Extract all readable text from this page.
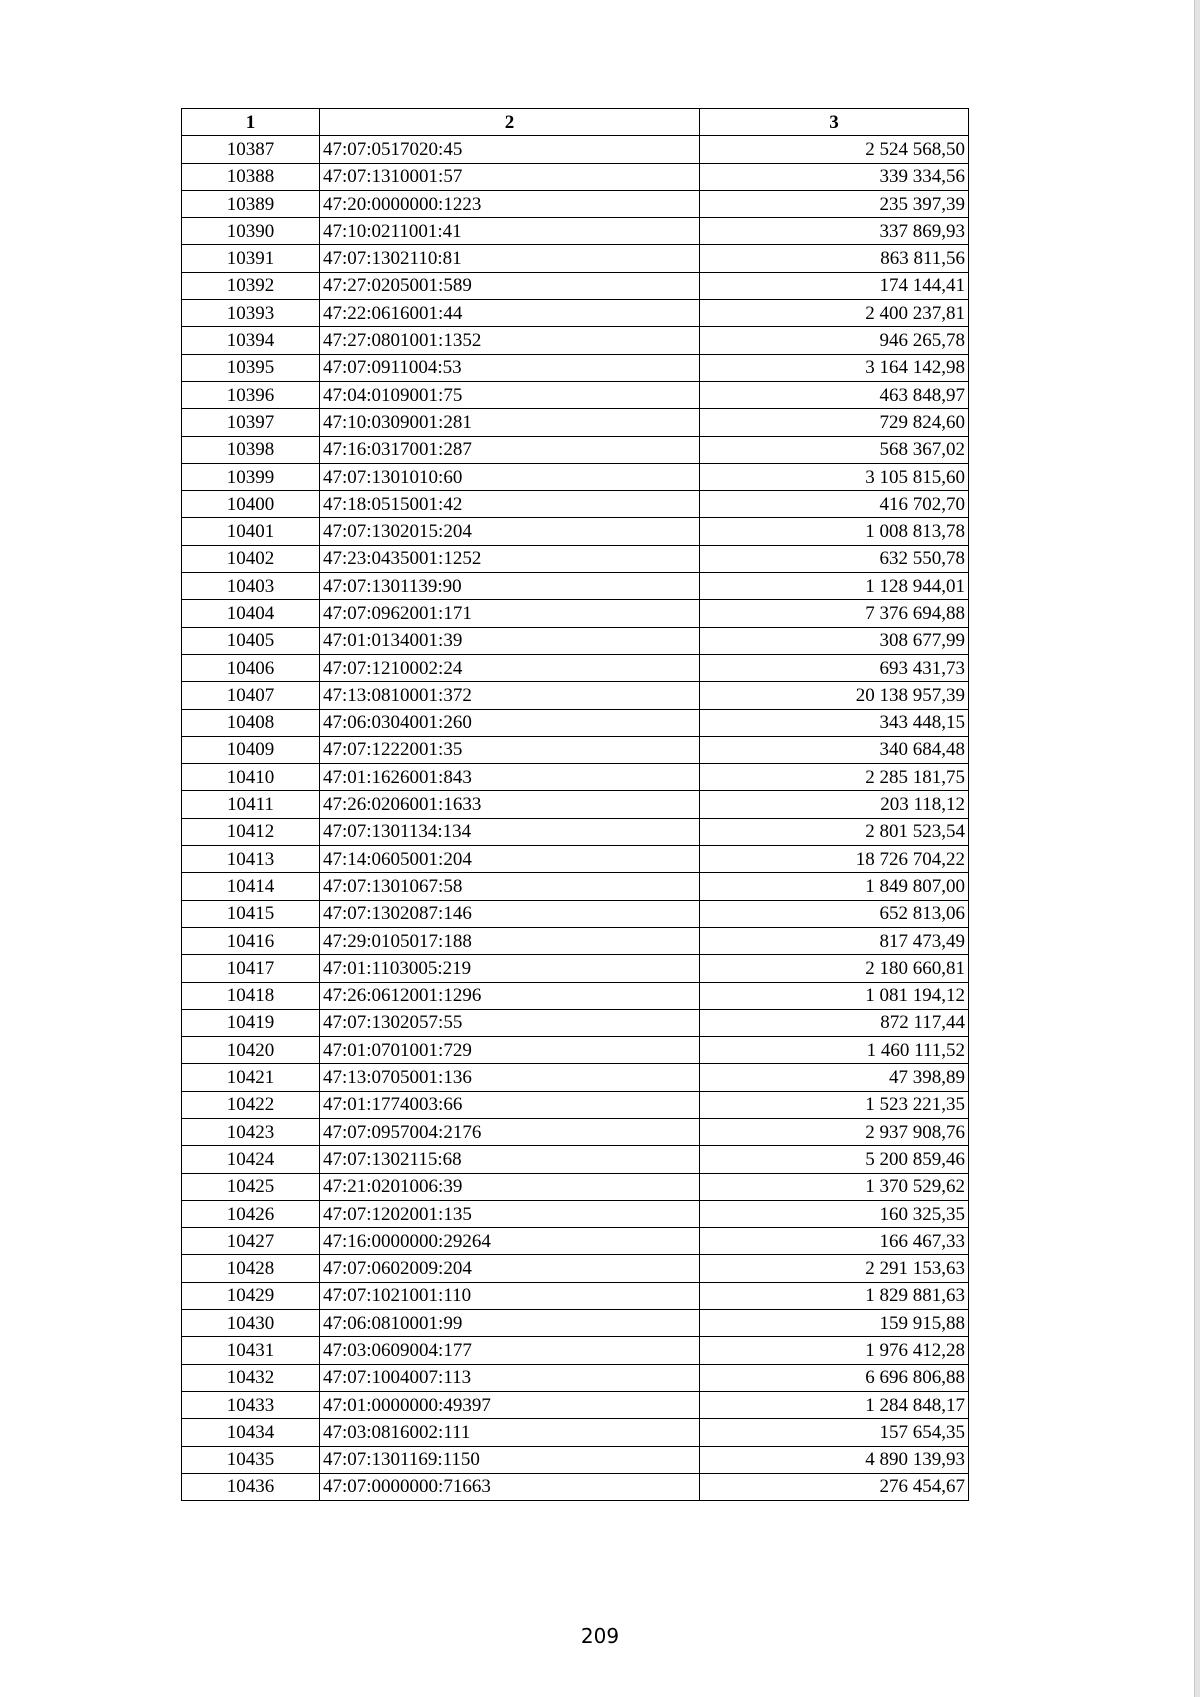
1	2	3
10387	47:07:0517020:45	2 524 568,50
10388	47:07:1310001:57	339 334,56
10389	47:20:0000000:1223	235 397,39
10390	47:10:0211001:41	337 869,93
10391	47:07:1302110:81	863 811,56
10392	47:27:0205001:589	174 144,41
10393	47:22:0616001:44	2 400 237,81
10394	47:27:0801001:1352	946 265,78
10395	47:07:0911004:53	3 164 142,98
10396	47:04:0109001:75	463 848,97
10397	47:10:0309001:281	729 824,60
10398	47:16:0317001:287	568 367,02
10399	47:07:1301010:60	3 105 815,60
10400	47:18:0515001:42	416 702,70
10401	47:07:1302015:204	1 008 813,78
10402	47:23:0435001:1252	632 550,78
10403	47:07:1301139:90	1 128 944,01
10404	47:07:0962001:171	7 376 694,88
10405	47:01:0134001:39	308 677,99
10406	47:07:1210002:24	693 431,73
10407	47:13:0810001:372	20 138 957,39
10408	47:06:0304001:260	343 448,15
10409	47:07:1222001:35	340 684,48
10410	47:01:1626001:843	2 285 181,75
10411	47:26:0206001:1633	203 118,12
10412	47:07:1301134:134	2 801 523,54
10413	47:14:0605001:204	18 726 704,22
10414	47:07:1301067:58	1 849 807,00
10415	47:07:1302087:146	652 813,06
10416	47:29:0105017:188	817 473,49
10417	47:01:1103005:219	2 180 660,81
10418	47:26:0612001:1296	1 081 194,12
10419	47:07:1302057:55	872 117,44
10420	47:01:0701001:729	1 460 111,52
10421	47:13:0705001:136	47 398,89
10422	47:01:1774003:66	1 523 221,35
10423	47:07:0957004:2176	2 937 908,76
10424	47:07:1302115:68	5 200 859,46
10425	47:21:0201006:39	1 370 529,62
10426	47:07:1202001:135	160 325,35
10427	47:16:0000000:29264	166 467,33
10428	47:07:0602009:204	2 291 153,63
10429	47:07:1021001:110	1 829 881,63
10430	47:06:0810001:99	159 915,88
10431	47:03:0609004:177	1 976 412,28
10432	47:07:1004007:113	6 696 806,88
10433	47:01:0000000:49397	1 284 848,17
10434	47:03:0816002:111	157 654,35
10435	47:07:1301169:1150	4 890 139,93
10436	47:07:0000000:71663	276 454,67
209
